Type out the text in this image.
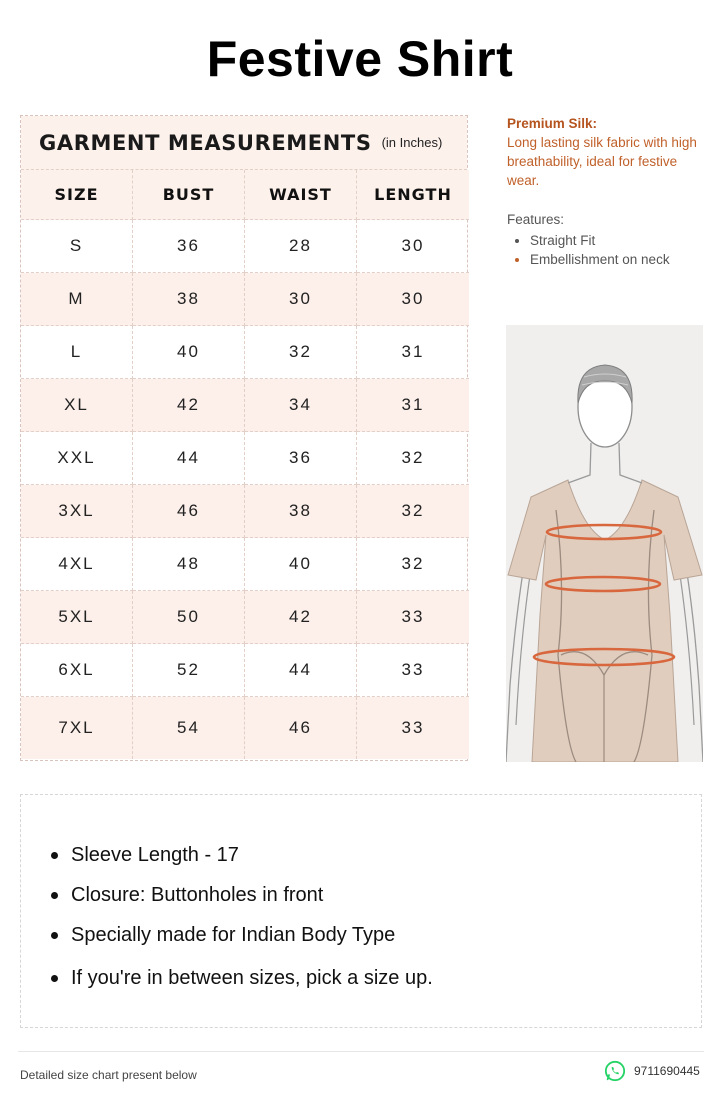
Festive Shirt
GARMENT MEASUREMENTS (in Inches)
SIZE	BUST	WAIST	LENGTH
S	36	28	30
M	38	30	30
L	40	32	31
XL	42	34	31
XXL	44	36	32
3XL	46	38	32
4XL	48	40	32
5XL	50	42	33
6XL	52	44	33
7XL	54	46	33
Premium Silk:
Long lasting silk fabric with high breathability, ideal for festive wear.
Features:
• Straight Fit
• Embellishment on neck
Sleeve Length - 17
Closure: Buttonholes in front
Specially made for Indian Body Type
If you're in between sizes, pick a size up.
Detailed size chart present below	9711690445
